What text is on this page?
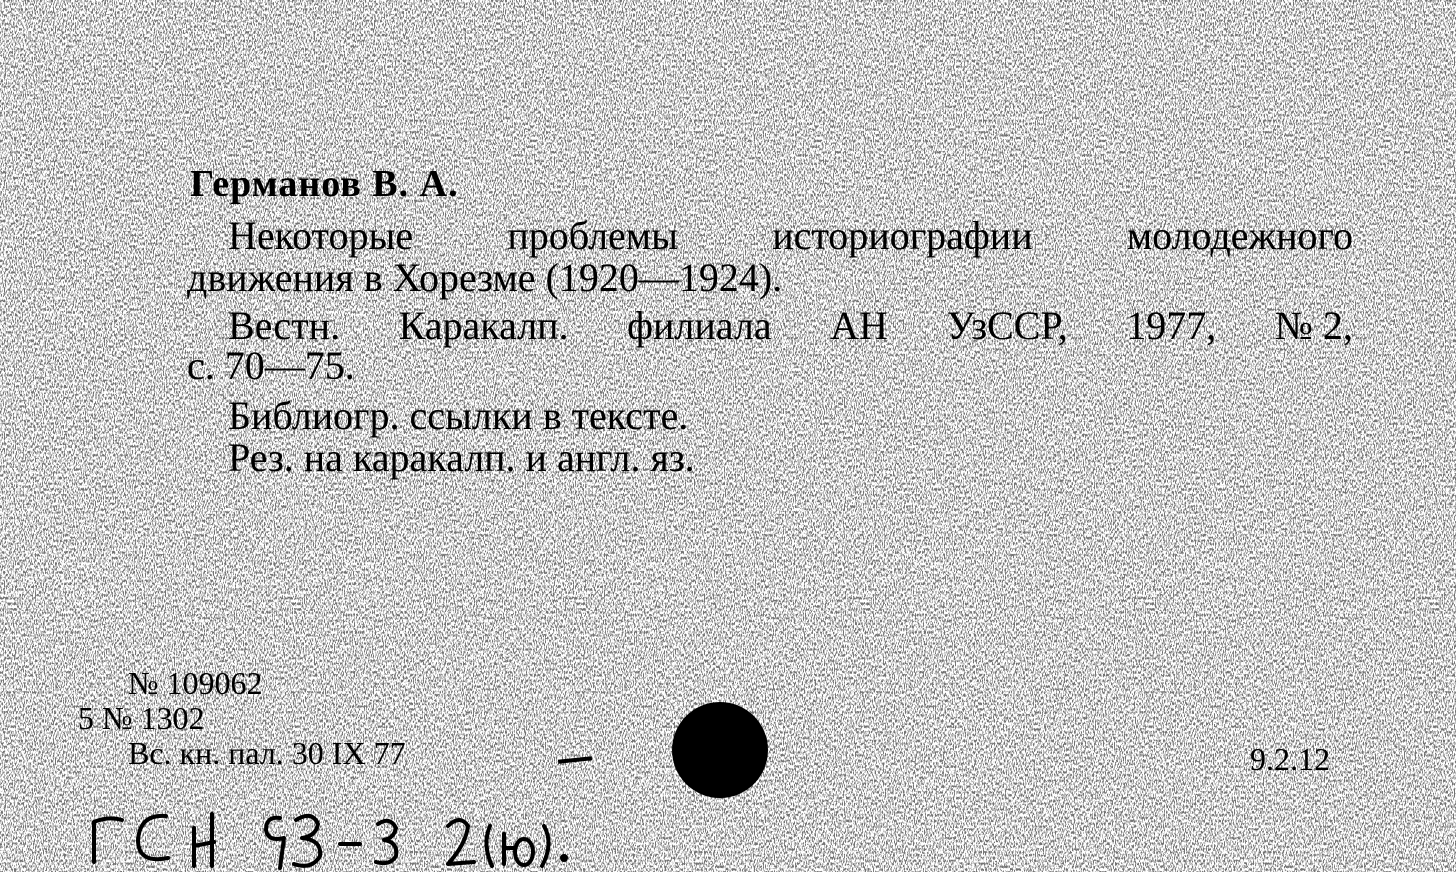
Германов В. А.
Некоторые проблемы историографии молодежного
движения в Хорезме (1920—1924).
Вестн. Каракалп. филиала АН УзССР, 1977, № 2,
с. 70—75.
Библиогр. ссылки в тексте.
Рез. на каракалп. и англ. яз.
№ 109062
5 № 1302
Вс. кн. пал. 30 IX 77	9.2.12
